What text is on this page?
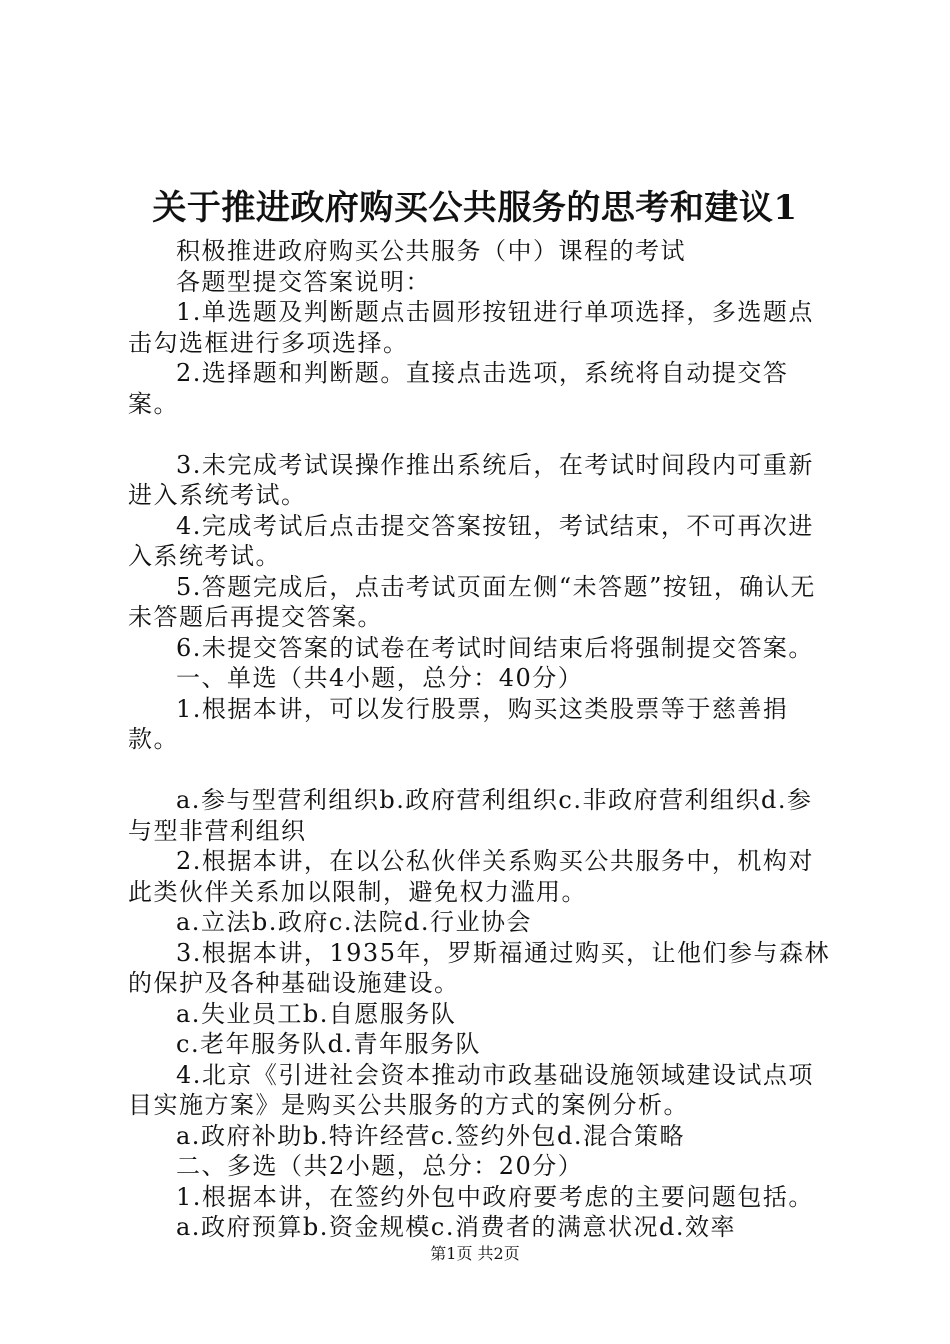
关于推进政府购买公共服务的思考和建议1

积极推进政府购买公共服务（中）课程的考试

各题型提交答案说明：

1.单选题及判断题点击圆形按钮进行单项选择，多选题点击勾选框进行多项选择。

2.选择题和判断题。直接点击选项，系统将自动提交答案。

3.未完成考试误操作推出系统后，在考试时间段内可重新进入系统考试。

4.完成考试后点击提交答案按钮，考试结束，不可再次进入系统考试。

5.答题完成后，点击考试页面左侧“未答题”按钮，确认无未答题后再提交答案。

6.未提交答案的试卷在考试时间结束后将强制提交答案。

一、单选（共4小题，总分：40分）

1.根据本讲，可以发行股票，购买这类股票等于慈善捐款。

a.参与型营利组织b.政府营利组织c.非政府营利组织d.参与型非营利组织

2.根据本讲，在以公私伙伴关系购买公共服务中，机构对此类伙伴关系加以限制，避免权力滥用。

a.立法b.政府c.法院d.行业协会

3.根据本讲，1935年，罗斯福通过购买，让他们参与森林的保护及各种基础设施建设。

a.失业员工b.自愿服务队

c.老年服务队d.青年服务队

4.北京《引进社会资本推动市政基础设施领域建设试点项目实施方案》是购买公共服务的方式的案例分析。

a.政府补助b.特许经营c.签约外包d.混合策略

二、多选（共2小题，总分：20分）

1.根据本讲，在签约外包中政府要考虑的主要问题包括。

a.政府预算b.资金规模c.消费者的满意状况d.效率

第1页 共2页
